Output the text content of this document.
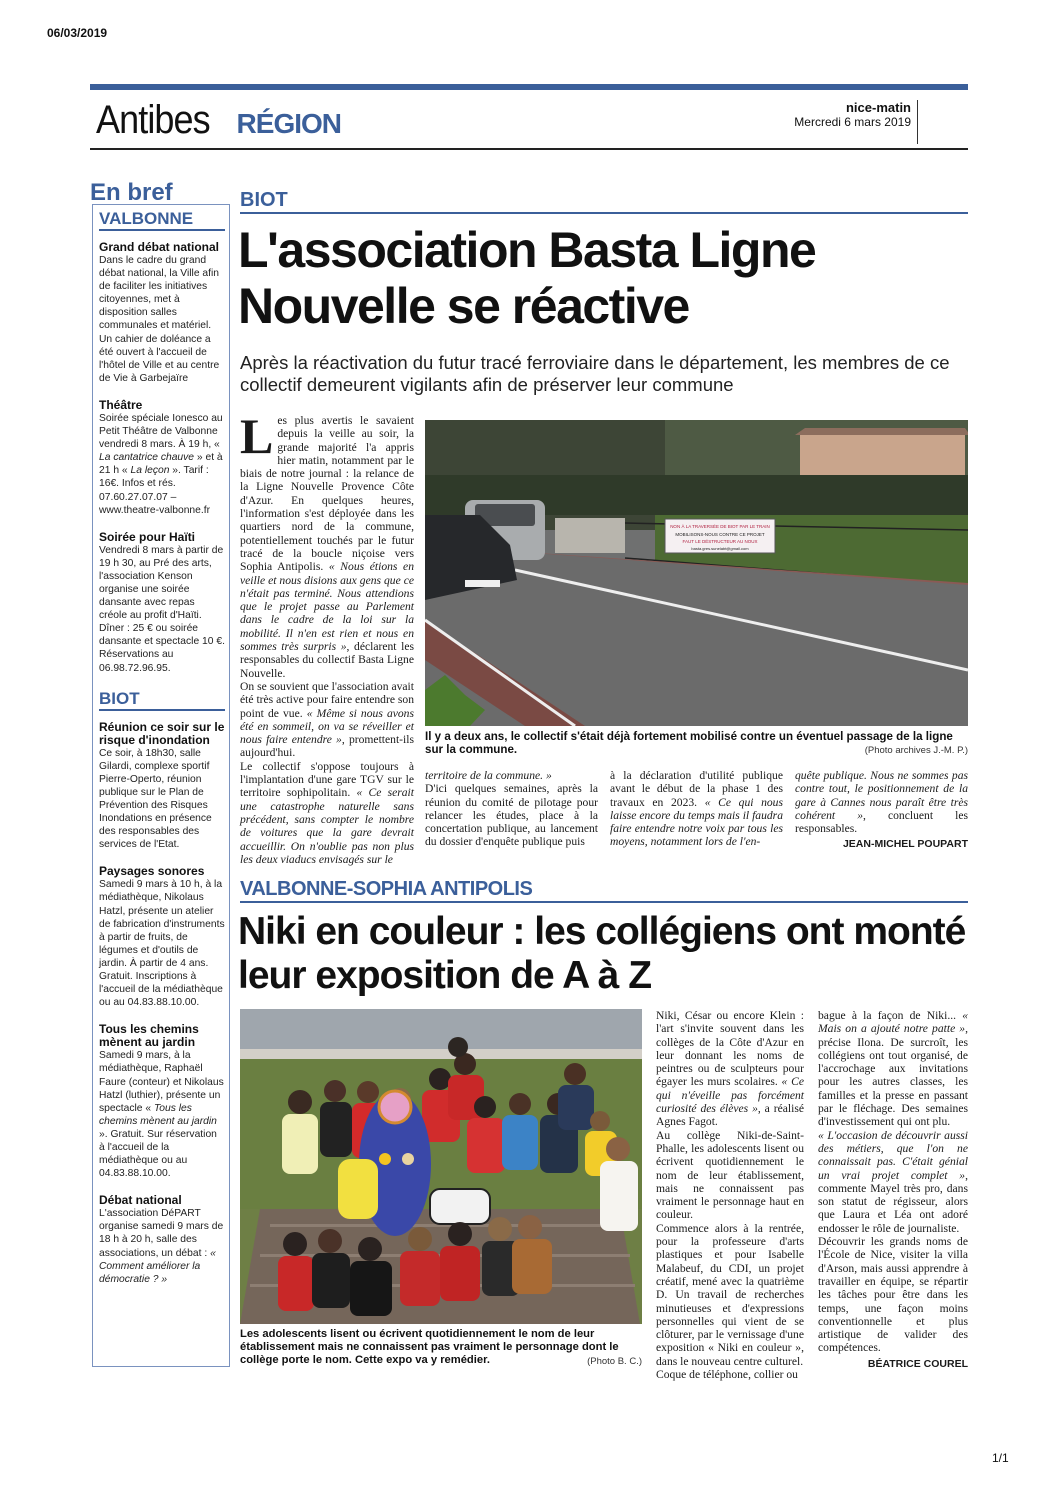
06/03/2019
Antibes RÉGION
nice-matin
Mercredi 6 mars 2019
En bref
VALBONNE
Grand débat national

Dans le cadre du grand débat national, la Ville afin de faciliter les initiatives citoyennes, met à disposition salles communales et matériel. Un cahier de doléance a été ouvert à l'accueil de l'hôtel de Ville et au centre de Vie à Garbejaïre

Théâtre

Soirée spéciale Ionesco au Petit Théâtre de Valbonne vendredi 8 mars. À 19 h, « La cantatrice chauve » et à 21 h « La leçon ». Tarif : 16€. Infos et rés. 07.60.27.07.07 – www.theatre-valbonne.fr

Soirée pour Haïti

Vendredi 8 mars à partir de 19 h 30, au Pré des arts, l'association Kenson organise une soirée dansante avec repas créole au profit d'Haïti. Dîner : 25 € ou soirée dansante et spectacle 10 €. Réservations au 06.98.72.96.95.

BIOT
Réunion ce soir sur le risque d'inondation

Ce soir, à 18h30, salle Gilardi, complexe sportif Pierre-Operto, réunion publique sur le Plan de Prévention des Risques Inondations en présence des responsables des services de l'Etat.

Paysages sonores

Samedi 9 mars à 10 h, à la médiathèque, Nikolaus Hatzl, présente un atelier de fabrication d'instruments à partir de fruits, de légumes et d'outils de jardin. À partir de 4 ans. Gratuit. Inscriptions à l'accueil de la médiathèque ou au 04.83.88.10.00.

Tous les chemins mènent au jardin

Samedi 9 mars, à la médiathèque, Raphaël Faure (conteur) et Nikolaus Hatzl (luthier), présente un spectacle « Tous les chemins mènent au jardin ». Gratuit. Sur réservation à l'accueil de la médiathèque ou au 04.83.88.10.00.

Débat national

L'association DéPART organise samedi 9 mars de 18 h à 20 h, salle des associations, un débat : « Comment améliorer la démocratie ? »

BIOT
L'association Basta Ligne Nouvelle se réactive
Après la réactivation du futur tracé ferroviaire dans le département, les membres de ce collectif demeurent vigilants afin de préserver leur commune
L es plus avertis le savaient depuis la veille au soir, la grande majorité l'a appris hier matin, notamment par le biais de notre journal : la relance de la Ligne Nouvelle Provence Côte d'Azur. En quelques heures, l'information s'est déployée dans les quartiers nord de la commune, potentiellement touchés par le futur tracé de la boucle niçoise vers Sophia Antipolis. « Nous étions en veille et nous disions aux gens que ce n'était pas terminé. Nous attendions que le projet passe au Parlement dans le cadre de la loi sur la mobilité. Il n'en est rien et nous en sommes très surpris », déclarent les responsables du collectif Basta Ligne Nouvelle.
On se souvient que l'association avait été très active pour faire entendre son point de vue. « Même si nous avons été en sommeil, on va se réveiller et nous faire entendre », promettent-ils aujourd'hui.
Le collectif s'oppose toujours à l'implantation d'une gare TGV sur le territoire sophipolitain. « Ce serait une catastrophe naturelle sans précédent, sans compter le nombre de voitures que la gare devrait accueillir. On n'oublie pas non plus les deux viaducs envisagés sur le
NON À LA TRAVERSÉE DE BIOT PAR LE TRAIN
MOBILISONS-NOUS CONTRE CE PROJET
FAUT LE DÉSTRUCTEUR AU NOUX
basta.gres.sunelabt@gmail.com
Il y a deux ans, le collectif s'était déjà fortement mobilisé contre un éventuel passage de la ligne sur la commune.	(Photo archives J.-M. P.)
territoire de la commune. »
D'ici quelques semaines, après la réunion du comité de pilotage pour relancer les études, place à la concertation publique, au lancement du dossier d'enquête publique puis
à la déclaration d'utilité publique avant le début de la phase 1 des travaux en 2023. « Ce qui nous laisse encore du temps mais il faudra faire entendre notre voix par tous les moyens, notamment lors de l'en-
quête publique. Nous ne sommes pas contre tout, le positionnement de la gare à Cannes nous paraît être très cohérent », concluent les responsables.
JEAN-MICHEL POUPART
VALBONNE-SOPHIA ANTIPOLIS
Niki en couleur : les collégiens ont monté leur exposition de A à Z
Les adolescents lisent ou écrivent quotidiennement le nom de leur établissement mais ne connaissent pas vraiment le personnage dont le collège porte le nom. Cette expo va y remédier.	(Photo B. C.)
Niki, César ou encore Klein : l'art s'invite souvent dans les collèges de la Côte d'Azur en leur donnant les noms de peintres ou de sculpteurs pour égayer les murs scolaires. « Ce qui n'éveille pas forcément curiosité des élèves », a réalisé Agnes Fagot.
Au collège Niki-de-Saint-Phalle, les adolescents lisent ou écrivent quotidiennement le nom de leur établissement, mais ne connaissent pas vraiment le personnage haut en couleur.
Commence alors à la rentrée, pour la professeure d'arts plastiques et pour Isabelle Malabeuf, du CDI, un projet créatif, mené avec la quatrième D. Un travail de recherches minutieuses et d'expressions personnelles qui vient de se clôturer, par le vernissage d'une exposition « Niki en couleur », dans le nouveau centre culturel.
Coque de téléphone, collier ou
bague à la façon de Niki... « Mais on a ajouté notre patte », précise Ilona. De surcroît, les collégiens ont tout organisé, de l'accrochage aux invitations pour les autres classes, les familles et la presse en passant par le fléchage. Des semaines d'investissement qui ont plu.
« L'occasion de découvrir aussi des métiers, que l'on ne connaissait pas. C'était génial un vrai projet complet », commente Mayel très pro, dans son statut de régisseur, alors que Laura et Léa ont adoré endosser le rôle de journaliste.
Découvrir les grands noms de l'École de Nice, visiter la villa d'Arson, mais aussi apprendre à travailler en équipe, se répartir les tâches pour être dans les temps, une façon moins conventionnelle et plus artistique de valider des compétences.
BÉATRICE COUREL
1/1
